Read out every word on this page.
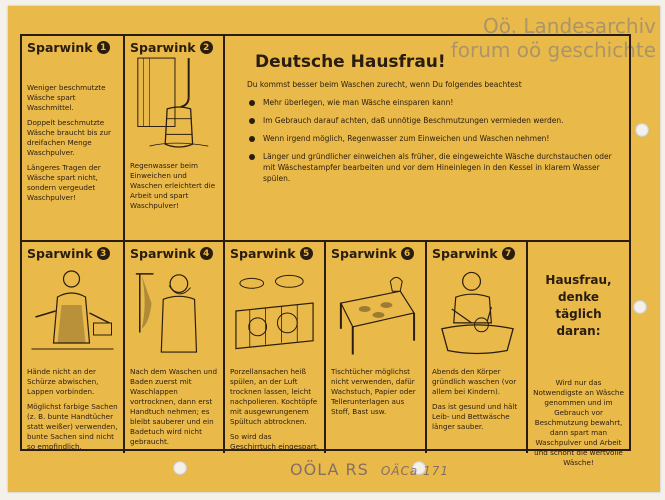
Oö. Landesarchiv
forum oö geschichte
Sparwink 1

Weniger beschmutzte Wäsche spart Waschmittel.

Doppelt beschmutzte Wäsche braucht bis zur dreifachen Menge Waschpulver.

Längeres Tragen der Wäsche spart nicht, sondern vergeudet Waschpulver!

Sparwink 2

Regenwasser beim Einweichen und Waschen erleichtert die Arbeit und spart Waschpulver!

Deutsche Hausfrau!
Du kommst besser beim Waschen zurecht, wenn Du folgendes beachtest
Mehr überlegen, wie man Wäsche einsparen kann!
Im Gebrauch darauf achten, daß unnötige Beschmutzungen vermieden werden.
Wenn irgend möglich, Regenwasser zum Einweichen und Waschen nehmen!
Länger und gründlicher einweichen als früher, die eingeweichte Wäsche durchstauchen oder mit Wäschestampfer bearbeiten und vor dem Hineinlegen in den Kessel in klarem Wasser spülen.
Sparwink 3

Hände nicht an der Schürze abwischen, Lappen vorbinden.

Möglichst farbige Sachen (z. B. bunte Handtücher statt weißer) verwenden, bunte Sachen sind nicht so empfindlich.

Sparwink 4

Nach dem Waschen und Baden zuerst mit Waschlappen vortrocknen, dann erst Handtuch nehmen; es bleibt sauberer und ein Badetuch wird nicht gebraucht.

Sparwink 5

Porzellansachen heiß spülen, an der Luft trocknen lassen, leicht nachpolieren. Kochtöpfe mit ausgewrungenem Spültuch abtrocknen.

So wird das Geschirrtuch eingespart.

Sparwink 6

Tischtücher möglichst nicht verwenden, dafür Wachstuch, Papier oder Tellerunterlagen aus Stoff, Bast usw.

Sparwink 7

Abends den Körper gründlich waschen (vor allem bei Kindern).

Das ist gesund und hält Leib- und Bettwäsche länger sauber.

Hausfrau, denke täglich daran:
Wird nur das Notwendigste an Wäsche genommen und im Gebrauch vor Beschmutzung bewahrt, dann spart man Waschpulver und Arbeit und schont die wertvolle Wäsche!
OÖLA RS OÄCa 171
